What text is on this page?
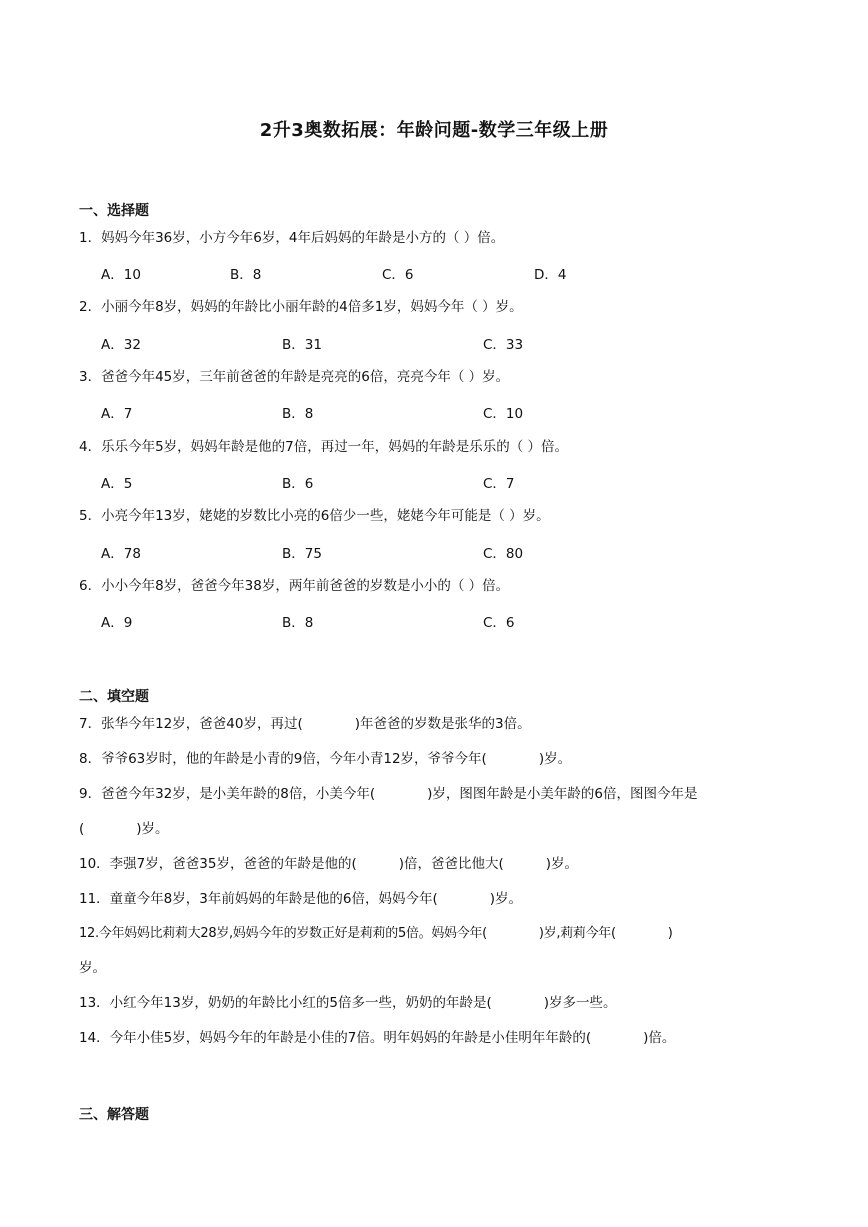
2升3奥数拓展：年龄问题-数学三年级上册
一、选择题
1．妈妈今年36岁，小方今年6岁，4年后妈妈的年龄是小方的（ ）倍。
A．10	B．8	C．6	D．4
2．小丽今年8岁，妈妈的年龄比小丽年龄的4倍多1岁，妈妈今年（ ）岁。
A．32	B．31	C．33
3．爸爸今年45岁，三年前爸爸的年龄是亮亮的6倍，亮亮今年（ ）岁。
A．7	B．8	C．10
4．乐乐今年5岁，妈妈年龄是他的7倍，再过一年，妈妈的年龄是乐乐的（ ）倍。
A．5	B．6	C．7
5．小亮今年13岁，姥姥的岁数比小亮的6倍少一些，姥姥今年可能是（ ）岁。
A．78	B．75	C．80
6．小小今年8岁，爸爸今年38岁，两年前爸爸的岁数是小小的（ ）倍。
A．9	B．8	C．6
二、填空题
7．张华今年12岁，爸爸40岁，再过(	)年爸爸的岁数是张华的3倍。
8．爷爷63岁时，他的年龄是小青的9倍，今年小青12岁，爷爷今年(	)岁。
9．爸爸今年32岁，是小美年龄的8倍，小美今年(	)岁，图图年龄是小美年龄的6倍，图图今年是
(	)岁。
10．李强7岁，爸爸35岁，爸爸的年龄是他的(	)倍，爸爸比他大(	)岁。
11．童童今年8岁，3年前妈妈的年龄是他的6倍，妈妈今年(	)岁。
12.今年妈妈比莉莉大28岁,妈妈今年的岁数正好是莉莉的5倍。妈妈今年(	)岁,莉莉今年(	)
岁。
13．小红今年13岁，奶奶的年龄比小红的5倍多一些，奶奶的年龄是(	)岁多一些。
14．今年小佳5岁，妈妈今年的年龄是小佳的7倍。明年妈妈的年龄是小佳明年年龄的(	)倍。
三、解答题
